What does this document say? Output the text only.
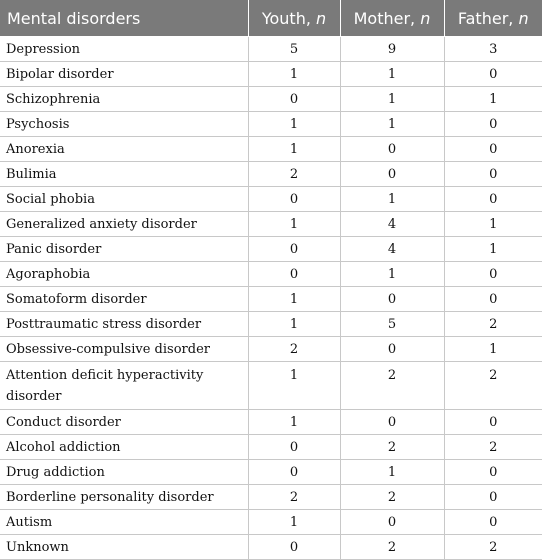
Mental disorders	Youth, n	Mother, n	Father, n
Depression	5	9	3
Bipolar disorder	1	1	0
Schizophrenia	0	1	1
Psychosis	1	1	0
Anorexia	1	0	0
Bulimia	2	0	0
Social phobia	0	1	0
Generalized anxiety disorder	1	4	1
Panic disorder	0	4	1
Agoraphobia	0	1	0
Somatoform disorder	1	0	0
Posttraumatic stress disorder	1	5	2
Obsessive-compulsive disorder	2	0	1
Attention deficit hyperactivity disorder	1	2	2
Conduct disorder	1	0	0
Alcohol addiction	0	2	2
Drug addiction	0	1	0
Borderline personality disorder	2	2	0
Autism	1	0	0
Unknown	0	2	2
